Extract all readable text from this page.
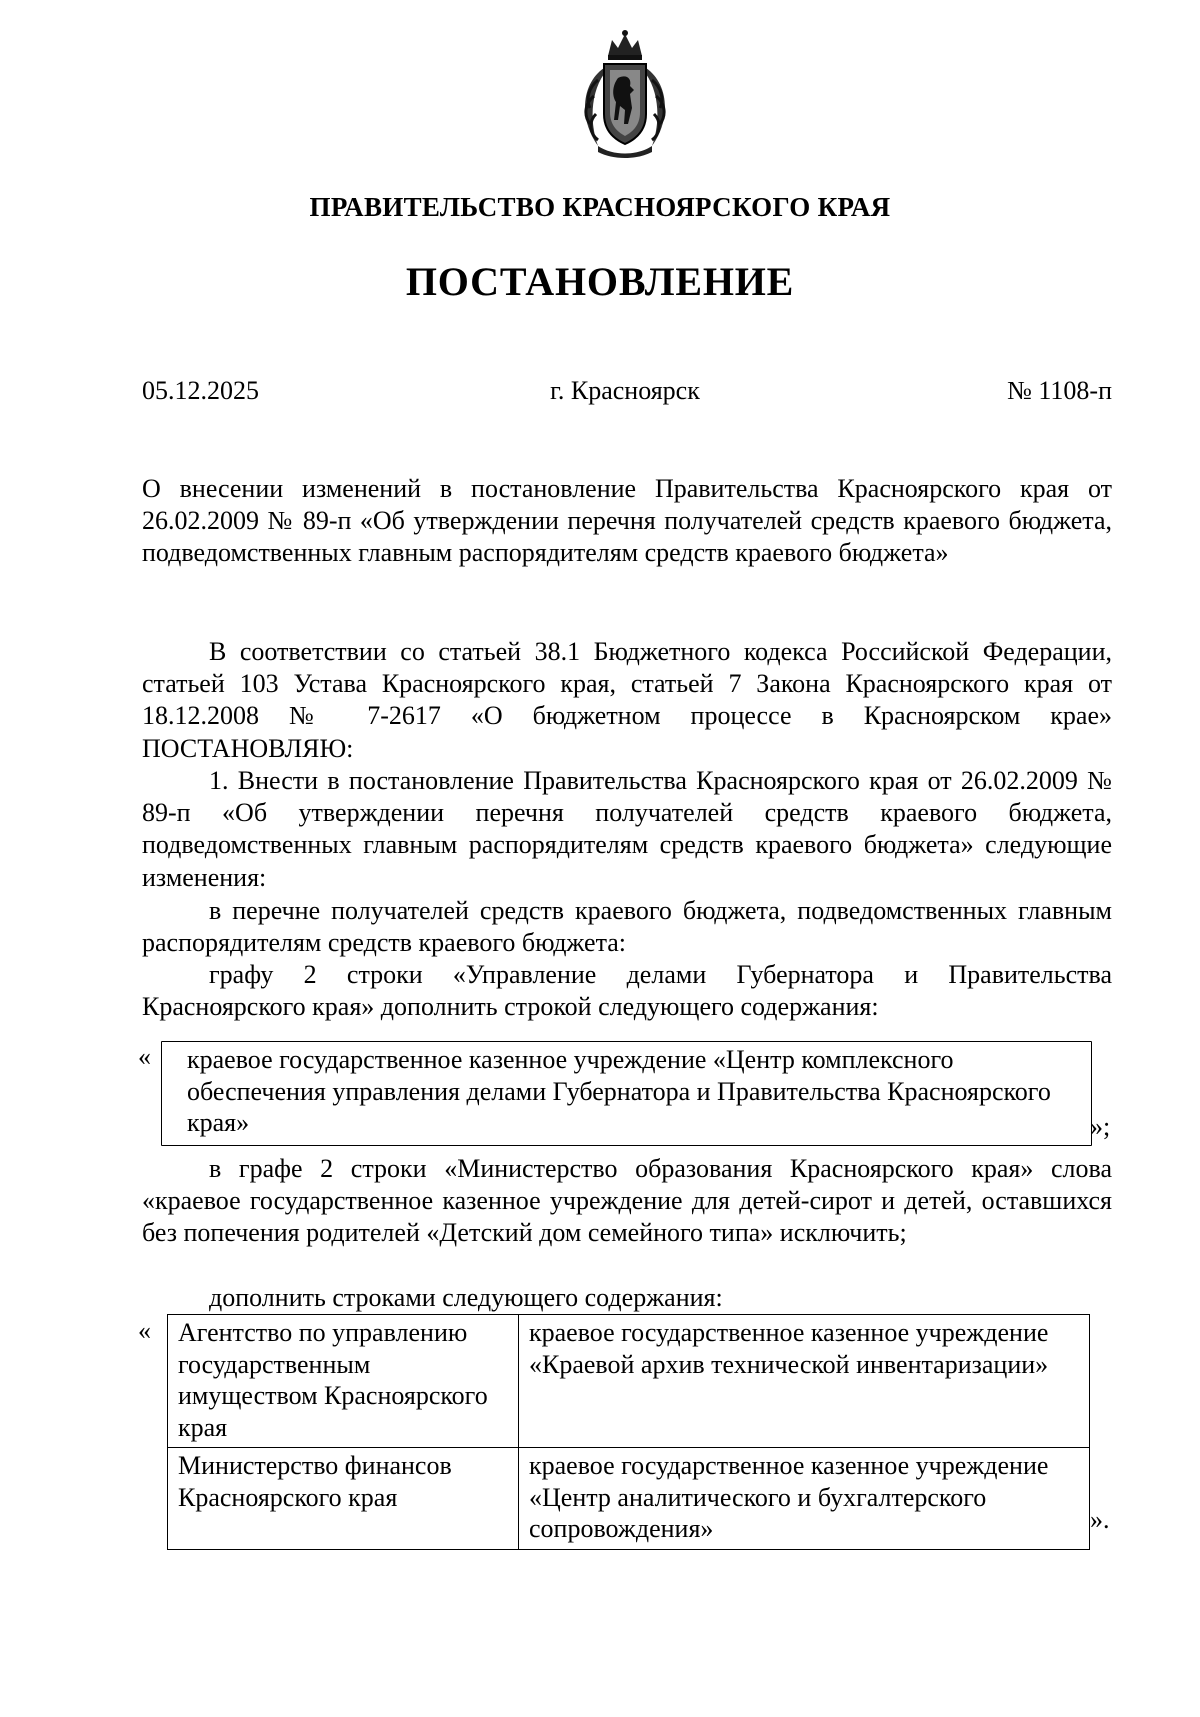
ПРАВИТЕЛЬСТВО КРАСНОЯРСКОГО КРАЯ
ПОСТАНОВЛЕНИЕ
05.12.2025	г. Красноярск	№ 1108-п

О внесении изменений в постановление Правительства Красноярского края от 26.02.2009 № 89-п «Об утверждении перечня получателей средств краевого бюджета, подведомственных главным распорядителям средств краевого бюджета»

В соответствии со статьей 38.1 Бюджетного кодекса Российской Федерации, статьей 103 Устава Красноярского края, статьей 7 Закона Красноярского края от 18.12.2008 № 7-2617 «О бюджетном процессе в Красноярском крае» ПОСТАНОВЛЯЮ:

1. Внести в постановление Правительства Красноярского края от 26.02.2009 № 89-п «Об утверждении перечня получателей средств краевого бюджета, подведомственных главным распорядителям средств краевого бюджета» следующие изменения:

в перечне получателей средств краевого бюджета, подведомственных главным распорядителям средств краевого бюджета:

графу 2 строки «Управление делами Губернатора и Правительства Красноярского края» дополнить строкой следующего содержания:

«	краевое государственное казенное учреждение «Центр комплексного обеспечения управления делами Губернатора и Правительства Красноярского края»	»;

в графе 2 строки «Министерство образования Красноярского края» слова «краевое государственное казенное учреждение для детей-сирот и детей, оставшихся без попечения родителей «Детский дом семейного типа» исключить;

дополнить строками следующего содержания:

« Агентство по управлению государственным имуществом Красноярского края	краевое государственное казенное учреждение «Краевой архив технической инвентаризации»
Министерство финансов Красноярского края	краевое государственное казенное учреждение «Центр аналитического и бухгалтерского сопровождения»	».
